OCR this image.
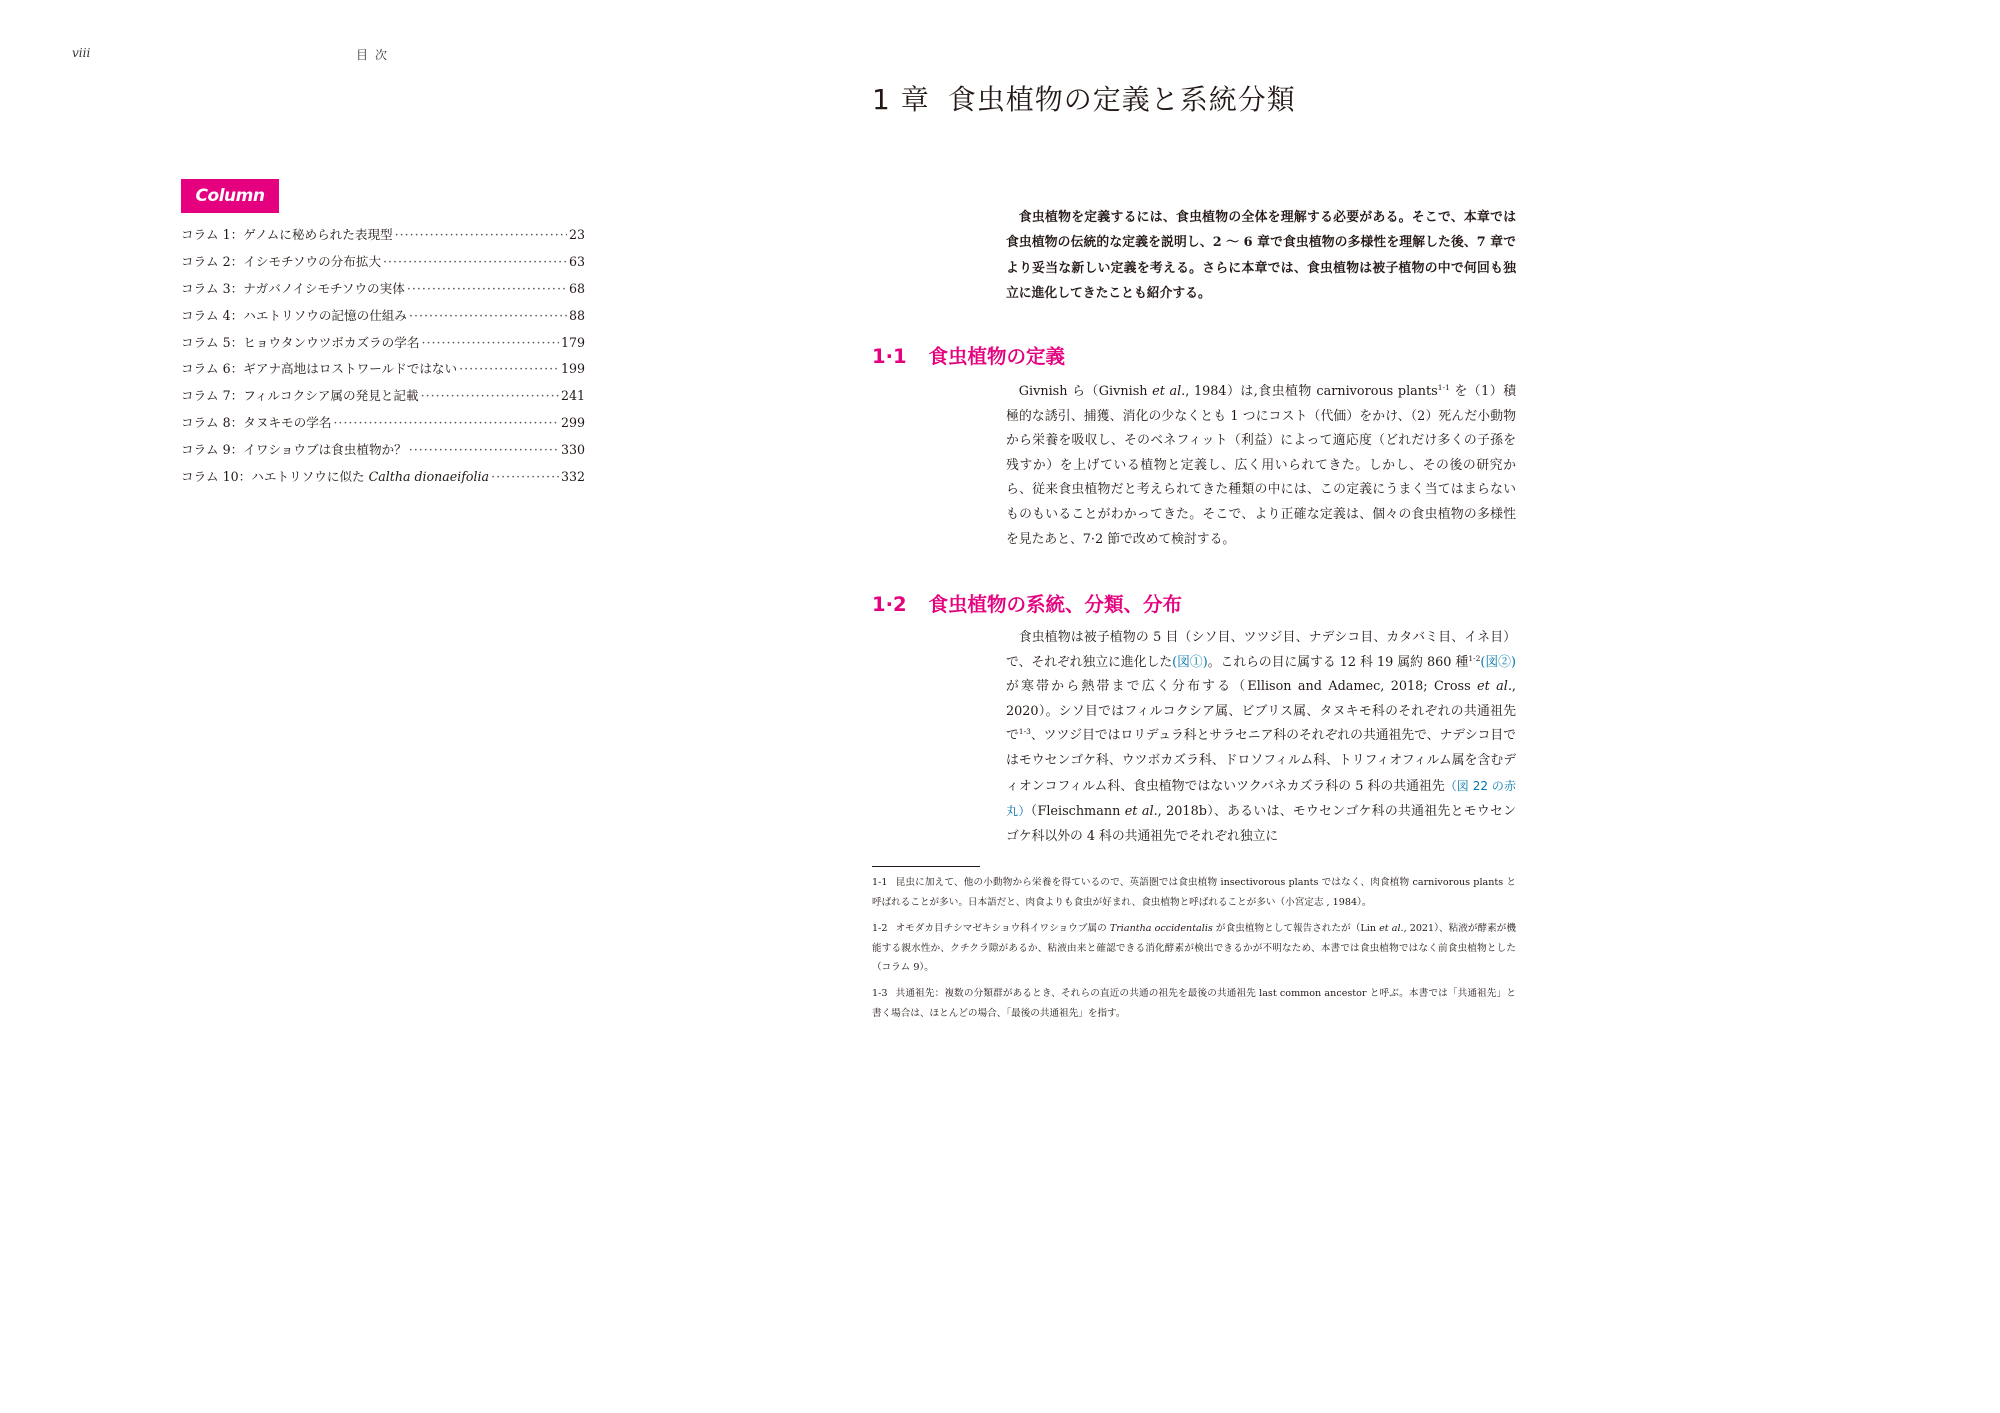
viii	目次
Column
コラム 1：ゲノムに秘められた表現型 ·····	23
コラム 2：イシモチソウの分布拡大 ·····	63
コラム 3：ナガバノイシモチソウの実体 ·····	68
コラム 4：ハエトリソウの記憶の仕組み ·····	88
コラム 5：ヒョウタンウツボカズラの学名 ·····	179
コラム 6：ギアナ高地はロストワールドではない ·····	199
コラム 7：フィルコクシア属の発見と記載 ·····	241
コラム 8：タヌキモの学名 ·····	299
コラム 9：イワショウブは食虫植物か？ ·····	330
コラム 10：ハエトリソウに似た Caltha dionaeifolia ·····	332
1 章 食虫植物の定義と系統分類
食虫植物を定義するには、食虫植物の全体を理解する必要がある。そこで、本章では食虫植物の伝統的な定義を説明し、2 ～ 6 章で食虫植物の多様性を理解した後、7 章でより妥当な新しい定義を考える。さらに本章では、食虫植物は被子植物の中で何回も独立に進化してきたことも紹介する。
1·1 食虫植物の定義
Givnish ら（Givnish et al., 1984）は,食虫植物 carnivorous plants$^{1-1}$ を（1）積極的な誘引、捕獲、消化の少なくとも 1 つにコスト（代価）をかけ、（2）死んだ小動物から栄養を吸収し、そのベネフィット（利益）によって適応度（どれだけ多くの子孫を残すか）を上げている植物と定義し、広く用いられてきた。しかし、その後の研究から、従来食虫植物だと考えられてきた種類の中には、この定義にうまく当てはまらないものもいることがわかってきた。そこで、より正確な定義は、個々の食虫植物の多様性を見たあと、7·2 節で改めて検討する。
1·2 食虫植物の系統、分類、分布
食虫植物は被子植物の 5 目（シソ目、ツツジ目、ナデシコ目、カタバミ目、イネ目）で、それぞれ独立に進化した(図①)。これらの目に属する 12 科 19 属約 860 種$^{1-2}$(図②) が寒帯から熱帯まで広く分布する（Ellison and Adamec, 2018; Cross et al., 2020）。シソ目ではフィルコクシア属、ビブリス属、タヌキモ科のそれぞれの共通祖先で$^{1-3}$、ツツジ目ではロリデュラ科とサラセニア科のそれぞれの共通祖先で、ナデシコ目ではモウセンゴケ科、ウツボカズラ科、ドロソフィルム科、トリフィオフィルム属を含むディオンコフィルム科、食虫植物ではないツクバネカズラ科の 5 科の共通祖先（図 22 の赤丸）（Fleischmann et al., 2018b）、あるいは、モウセンゴケ科の共通祖先とモウセンゴケ科以外の 4 科の共通祖先でそれぞれ独立に
1-1 昆虫に加えて、他の小動物から栄養を得ているので、英語圏では食虫植物 insectivorous plants ではなく、肉食植物 carnivorous plants と呼ばれることが多い。日本語だと、肉食よりも食虫が好まれ、食虫植物と呼ばれることが多い（小宮定志 , 1984）。
1-2 オモダカ目チシマゼキショウ科イワショウブ属の Triantha occidentalis が食虫植物として報告されたが（Lin et al., 2021）、粘液が酵素が機能する親水性か、クチクラ隙があるか、粘液由来と確認できる消化酵素が検出できるかが不明なため、本書では食虫植物ではなく前食虫植物とした（コラム 9）。
1-3 共通祖先：複数の分類群があるとき、それらの直近の共通の祖先を最後の共通祖先 last common ancestor と呼ぶ。本書では「共通祖先」と書く場合は、ほとんどの場合、「最後の共通祖先」を指す。
